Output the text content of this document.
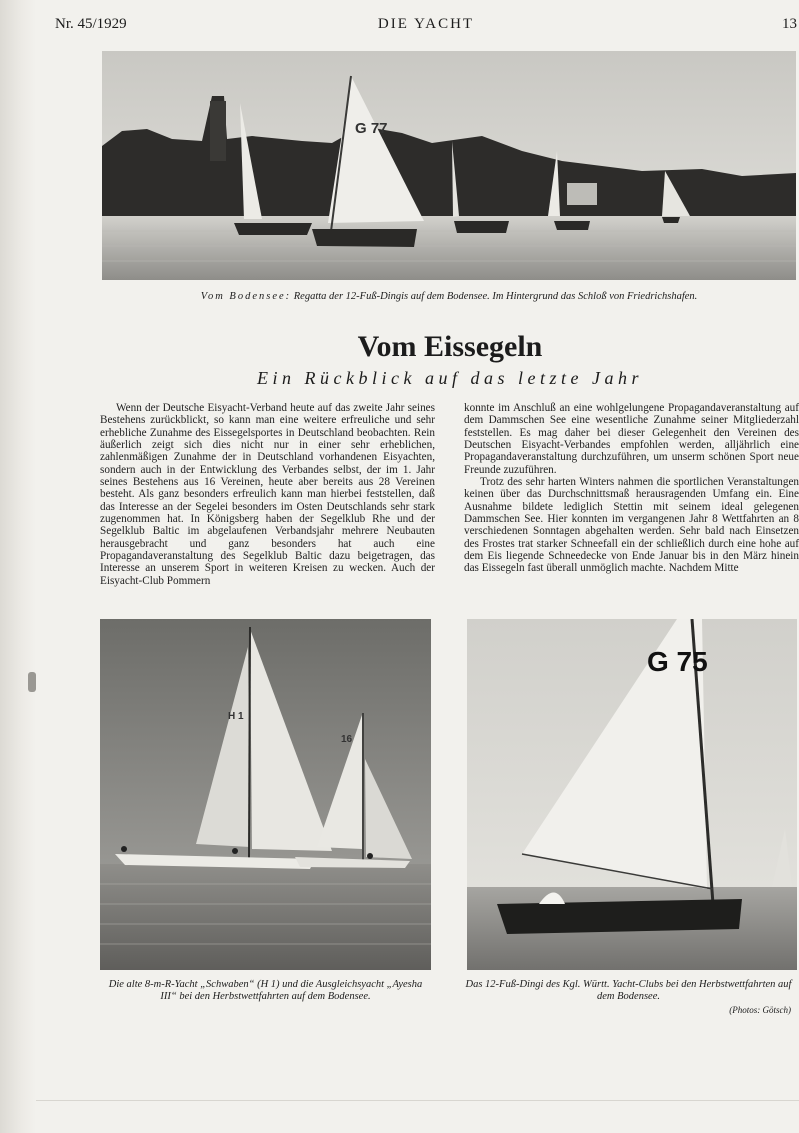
Nr. 45/1929	DIE YACHT	13
G 77
Vom Bodensee: Regatta der 12-Fuß-Dingis auf dem Bodensee. Im Hintergrund das Schloß von Friedrichshafen.
Vom Eissegeln
Ein Rückblick auf das letzte Jahr

Wenn der Deutsche Eisyacht-Verband heute auf das zweite Jahr seines Bestehens zurückblickt, so kann man eine weitere erfreuliche und sehr erhebliche Zunahme des Eissegelsportes in Deutschland beobachten. Rein äußerlich zeigt sich dies nicht nur in einer sehr erheblichen, zahlenmäßigen Zunahme der in Deutschland vorhandenen Eisyachten, sondern auch in der Entwicklung des Verbandes selbst, der im 1. Jahr seines Bestehens aus 16 Vereinen, heute aber bereits aus 28 Vereinen besteht. Als ganz besonders erfreulich kann man hierbei feststellen, daß das Interesse an der Segelei besonders im Osten Deutschlands sehr stark zugenommen hat. In Königsberg haben der Segelklub Rhe und der Segelklub Baltic im abgelaufenen Verbandsjahr mehrere Neubauten herausgebracht und ganz besonders hat auch eine Propagandaveranstaltung des Segelklub Baltic dazu beigetragen, das Interesse an unserem Sport in weiteren Kreisen zu wecken. Auch der Eisyacht-Club Pommern

konnte im Anschluß an eine wohlgelungene Propagandaveranstaltung auf dem Dammschen See eine wesentliche Zunahme seiner Mitgliederzahl feststellen. Es mag daher bei dieser Gelegenheit den Vereinen des Deutschen Eisyacht-Verbandes empfohlen werden, alljährlich eine Propagandaveranstaltung durchzuführen, um unserm schönen Sport neue Freunde zuzuführen.

Trotz des sehr harten Winters nahmen die sportlichen Veranstaltungen keinen über das Durchschnittsmaß herausragenden Umfang ein. Eine Ausnahme bildete lediglich Stettin mit seinem ideal gelegenen Dammschen See. Hier konnten im vergangenen Jahr 8 Wettfahrten an 8 verschiedenen Sonntagen abgehalten werden. Sehr bald nach Einsetzen des Frostes trat starker Schneefall ein der schließlich durch eine hohe auf dem Eis liegende Schneedecke von Ende Januar bis in den März hinein das Eissegeln fast überall unmöglich machte. Nachdem Mitte

H 1
16
Die alte 8-m-R-Yacht „Schwaben“ (H 1) und die Ausgleichsyacht „Ayesha III“ bei den Herbstwettfahrten auf dem Bodensee.
G 75
Das 12-Fuß-Dingi des Kgl. Württ. Yacht-Clubs bei den Herbstwettfahrten auf dem Bodensee.
(Photos: Götsch)
